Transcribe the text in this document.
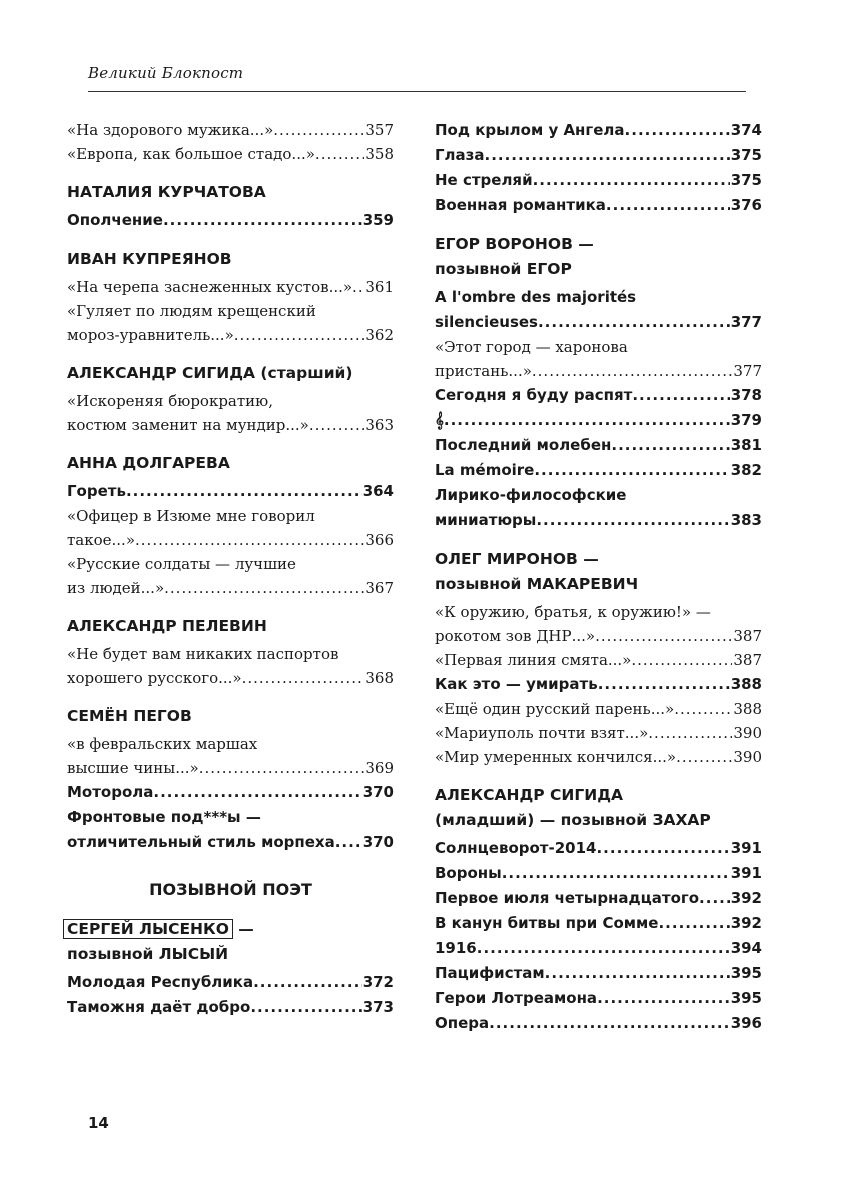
Великий Блокпост
«На здоровогo мужика...» .....	357
«Европа, как большое стадо...» .....	358
НАТАЛИЯ КУРЧАТОВА
Ополчение .....	359
ИВАН КУПРЕЯНОВ
«На черепа заснеженных кустов...» ..... 361
«Гуляет по людям крещенский
мороз-уравнитель...» .....	362
АЛЕКСАНДР СИГИДА (старший)
«Искореняя бюрократию,
костюм заменит на мундир...» .....	363
АННА ДОЛГАРЕВА
Гореть .....	364
«Офицер в Изюме мне говорил
такое...» .....	366
«Русские солдаты — лучшие
из людей...» .....	367
АЛЕКСАНДР ПЕЛЕВИН
«Не будет вам никаких паспортов
хорошего русского...» .....	368
СЕМЁН ПЕГОВ
«в февральских маршах
высшие чины...» .....	369
Моторола .....	370
Фронтовые под***ы —
отличительный стиль морпеха ..... 370
ПОЗЫВНОЙ ПОЭТ
СЕРГЕЙ ЛЫСЕНКО —
позывной ЛЫСЫЙ
Молодая Республика .....	372
Таможня даёт добро .....	373
Под крылом у Ангела .....	374
Глаза .....	375
Не стреляй .....	375
Военная романтика .....	376
ЕГОР ВОРОНОВ —
позывной ЕГОР
A l'ombre des majorités
silencieuses .....	377
«Этот город — харонова
пристань...» .....	377
Сегодня я буду распят .....	378
𝄞 .....	379
Последний молебен .....	381
La mémoire .....	382
Лирико-философские
миниатюры .....	383
ОЛЕГ МИРОНОВ —
позывной МАКАРЕВИЧ
«К оружию, братья, к оружию!» —
рокотом зов ДНР...» .....	387
«Первая линия смята...» .....	387
Как это — умирать .....	388
«Ещё один русский парень...» .....	388
«Мариуполь почти взят...» .....	390
«Мир умеренных кончился...» .....	390
АЛЕКСАНДР СИГИДА
(младший) — позывной ЗАХАР
Солнцеворот-2014 .....	391
Вороны .....	391
Первое июля четырнадцатого ..... 392
В канун битвы при Сомме .....	392
1916 .....	394
Пацифистам .....	395
Герои Лотреамона .....	395
Опера .....	396
14
